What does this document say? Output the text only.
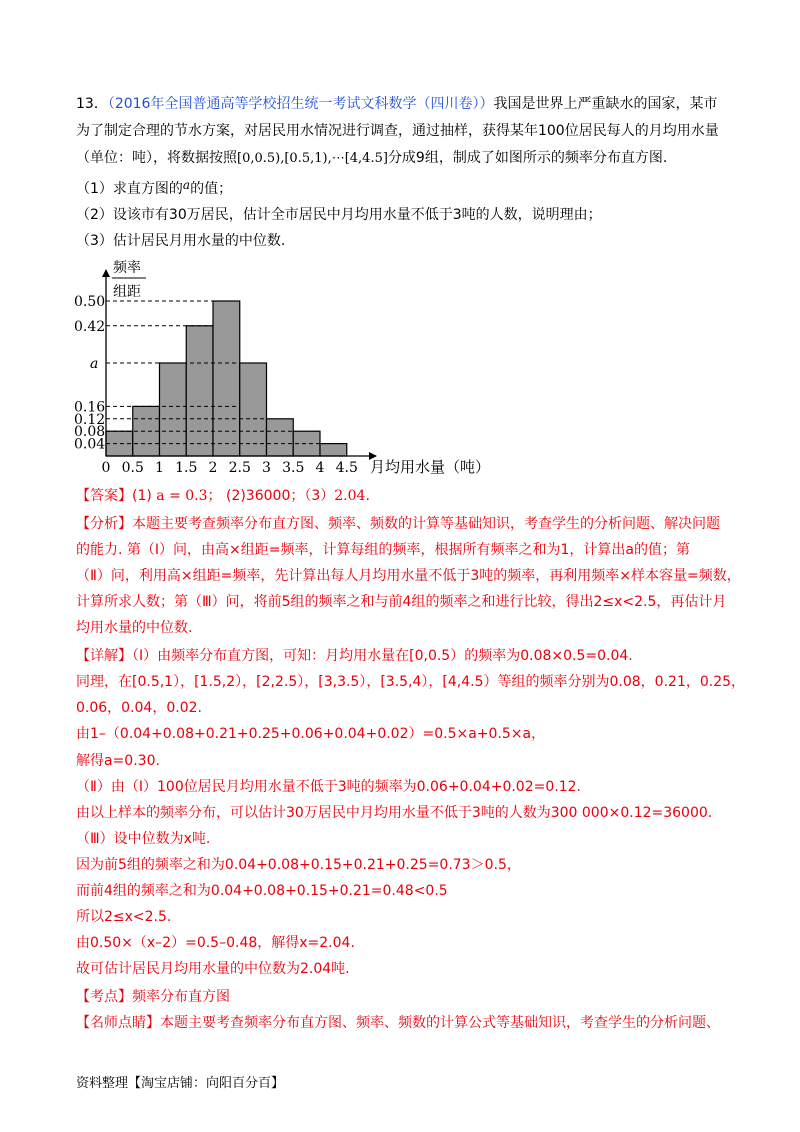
13．（2016年全国普通高等学校招生统一考试文科数学（四川卷））我国是世界上严重缺水的国家，某市
为了制定合理的节水方案，对居民用水情况进行调查，通过抽样，获得某年100位居民每人的月均用水量
（单位：吨），将数据按照[0,0.5),[0.5,1),⋯[4,4.5]分成9组，制成了如图所示的频率分布直方图.
（1）求直方图的a的值；
（2）设该市有30万居民，估计全市居民中月均用水量不低于3吨的人数，说明理由；
（3）估计居民月用水量的中位数.
频率
组距
0.50
0.42
a
0.16
0.12
0.08
0.04
0 0.5 1 1.5 2 2.5 3 3.5 4 4.5 月均用水量（吨）
【答案】(1) a = 0.3； (2)36000；（3）2.04.
【分析】本题主要考查频率分布直方图、频率、频数的计算等基础知识，考查学生的分析问题、解决问题
的能力. 第（Ⅰ）问，由高×组距=频率，计算每组的频率，根据所有频率之和为1，计算出a的值；第
（Ⅱ）问，利用高×组距=频率，先计算出每人月均用水量不低于3吨的频率，再利用频率×样本容量=频数，
计算所求人数；第（Ⅲ）问，将前5组的频率之和与前4组的频率之和进行比较，得出2≤x<2.5，再估计月
均用水量的中位数.
【详解】（Ⅰ）由频率分布直方图，可知：月均用水量在[0,0.5）的频率为0.08×0.5=0.04.
同理，在[0.5,1），[1.5,2），[2,2.5），[3,3.5），[3.5,4），[4,4.5）等组的频率分别为0.08，0.21，0.25，
0.06，0.04，0.02.
由1–（0.04+0.08+0.21+0.25+0.06+0.04+0.02）=0.5×a+0.5×a，
解得a=0.30.
（Ⅱ）由（Ⅰ）100位居民月均用水量不低于3吨的频率为0.06+0.04+0.02=0.12.
由以上样本的频率分布，可以估计30万居民中月均用水量不低于3吨的人数为300 000×0.12=36000.
（Ⅲ）设中位数为x吨.
因为前5组的频率之和为0.04+0.08+0.15+0.21+0.25=0.73＞0.5，
而前4组的频率之和为0.04+0.08+0.15+0.21=0.48<0.5
所以2≤x<2.5.
由0.50×（x–2）=0.5–0.48，解得x=2.04.
故可估计居民月均用水量的中位数为2.04吨.
【考点】频率分布直方图
【名师点睛】本题主要考查频率分布直方图、频率、频数的计算公式等基础知识，考查学生的分析问题、
资料整理【淘宝店铺：向阳百分百】
